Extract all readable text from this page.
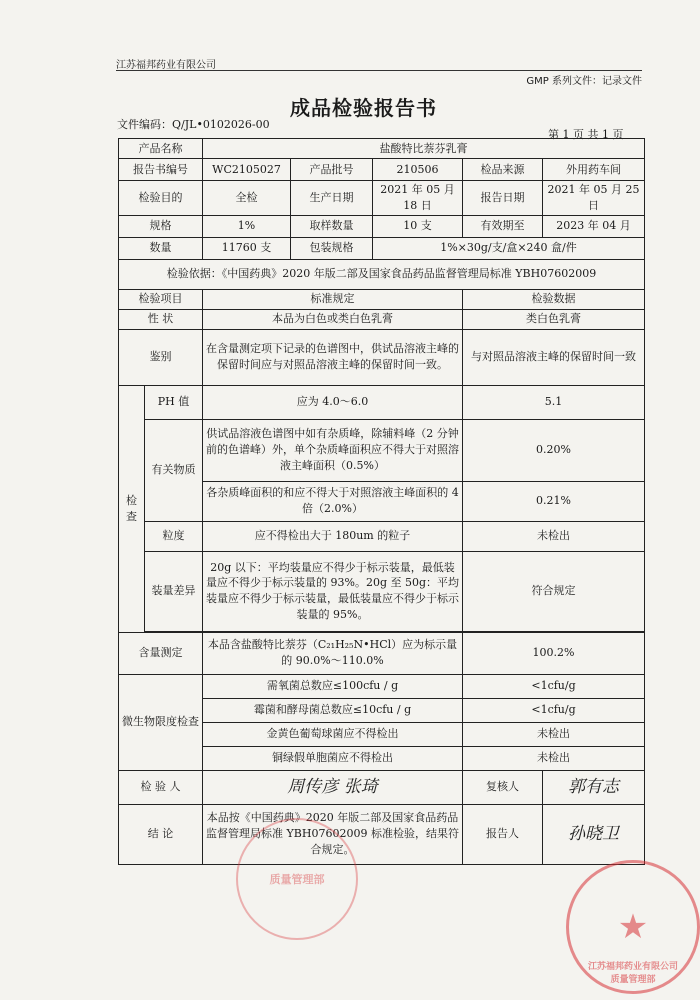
江苏福邦药业有限公司
GMP 系列文件：记录文件
成品检验报告书
文件编码：Q/JL•0102026-00
第 1 页 共 1 页
产品名称		盐酸特比萘芬乳膏				
报告书编号		WC2105027	产品批号	210506	检品来源	外用药车间
检验目的		全检	生产日期	2021 年 05 月 18 日	报告日期	2021 年 05 月 25 日
规格		1%	取样数量	10 支	有效期至	2023 年 04 月
数量		11760 支	包装规格	1%×30g/支/盒×240 盒/件		
检验依据：《中国药典》2020 年版二部及国家食品药品监督管理局标准 YBH07602009						
检验项目		标准规定			检验数据	
性 状		本品为白色或类白色乳膏			类白色乳膏	
鉴别		在含量测定项下记录的色谱图中，供试品溶液主峰的保留时间应与对照品溶液主峰的保留时间一致。			与对照品溶液主峰的保留时间一致	
检查	PH 值	应为 4.0～6.0			5.1	
	有关物质	供试品溶液色谱图中如有杂质峰，除辅料峰（2 分钟前的色谱峰）外，单个杂质峰面积应不得大于对照溶液主峰面积（0.5%）			0.20%	
		各杂质峰面积的和应不得大于对照溶液主峰面积的 4 倍（2.0%）			0.21%	
	粒度	应不得检出大于 180um 的粒子			未检出	
	装量差异	20g 以下：平均装量应不得少于标示装量，最低装量应不得少于标示装量的 93%。20g 至 50g：平均装量应不得少于标示装量，最低装量应不得少于标示装量的 95%。			符合规定	

含量测定		本品含盐酸特比萘芬（C₂₁H₂₅N•HCl）应为标示量的 90.0%～110.0%			100.2%	
微生物限度检查		需氧菌总数应≤100cfu / g			<1cfu/g	
		霉菌和酵母菌总数应≤10cfu / g			<1cfu/g	
		金黄色葡萄球菌应不得检出			未检出	
		铜绿假单胞菌应不得检出			未检出	
检 验 人		周传彦 张琦			复核人	郭有志
结 论		本品按《中国药典》2020 年版二部及国家食品药品监督管理局标准 YBH07602009 标准检验，结果符合规定。			报告人	孙晓卫
质量管理部
★
江苏福邦药业有限公司 质量管理部
